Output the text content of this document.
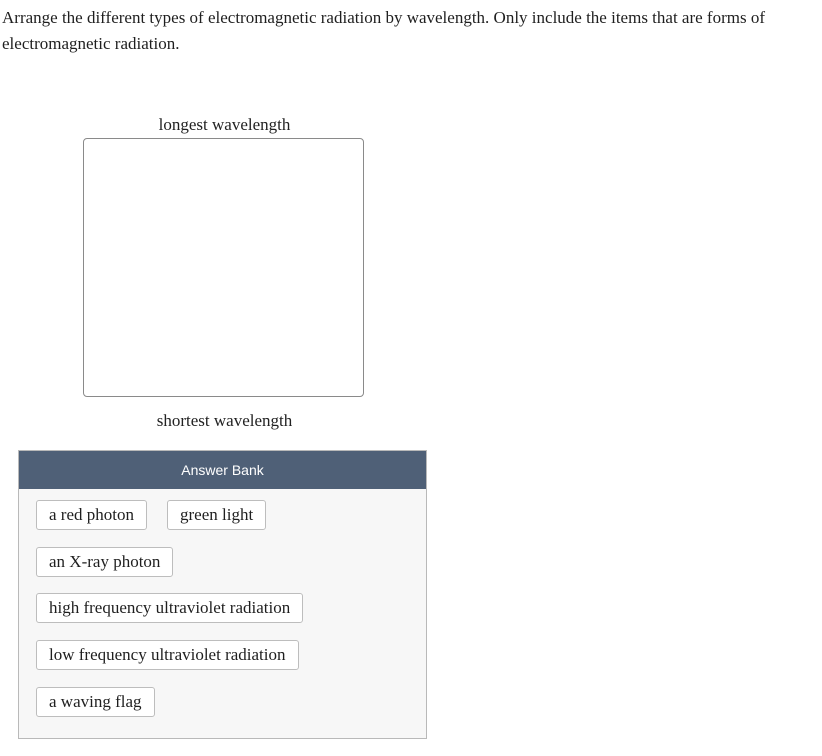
Arrange the different types of electromagnetic radiation by wavelength. Only include the items that are forms of electromagnetic radiation.
longest wavelength
shortest wavelength
Answer Bank
a red photon	green light
an X-ray photon
high frequency ultraviolet radiation
low frequency ultraviolet radiation
a waving flag
